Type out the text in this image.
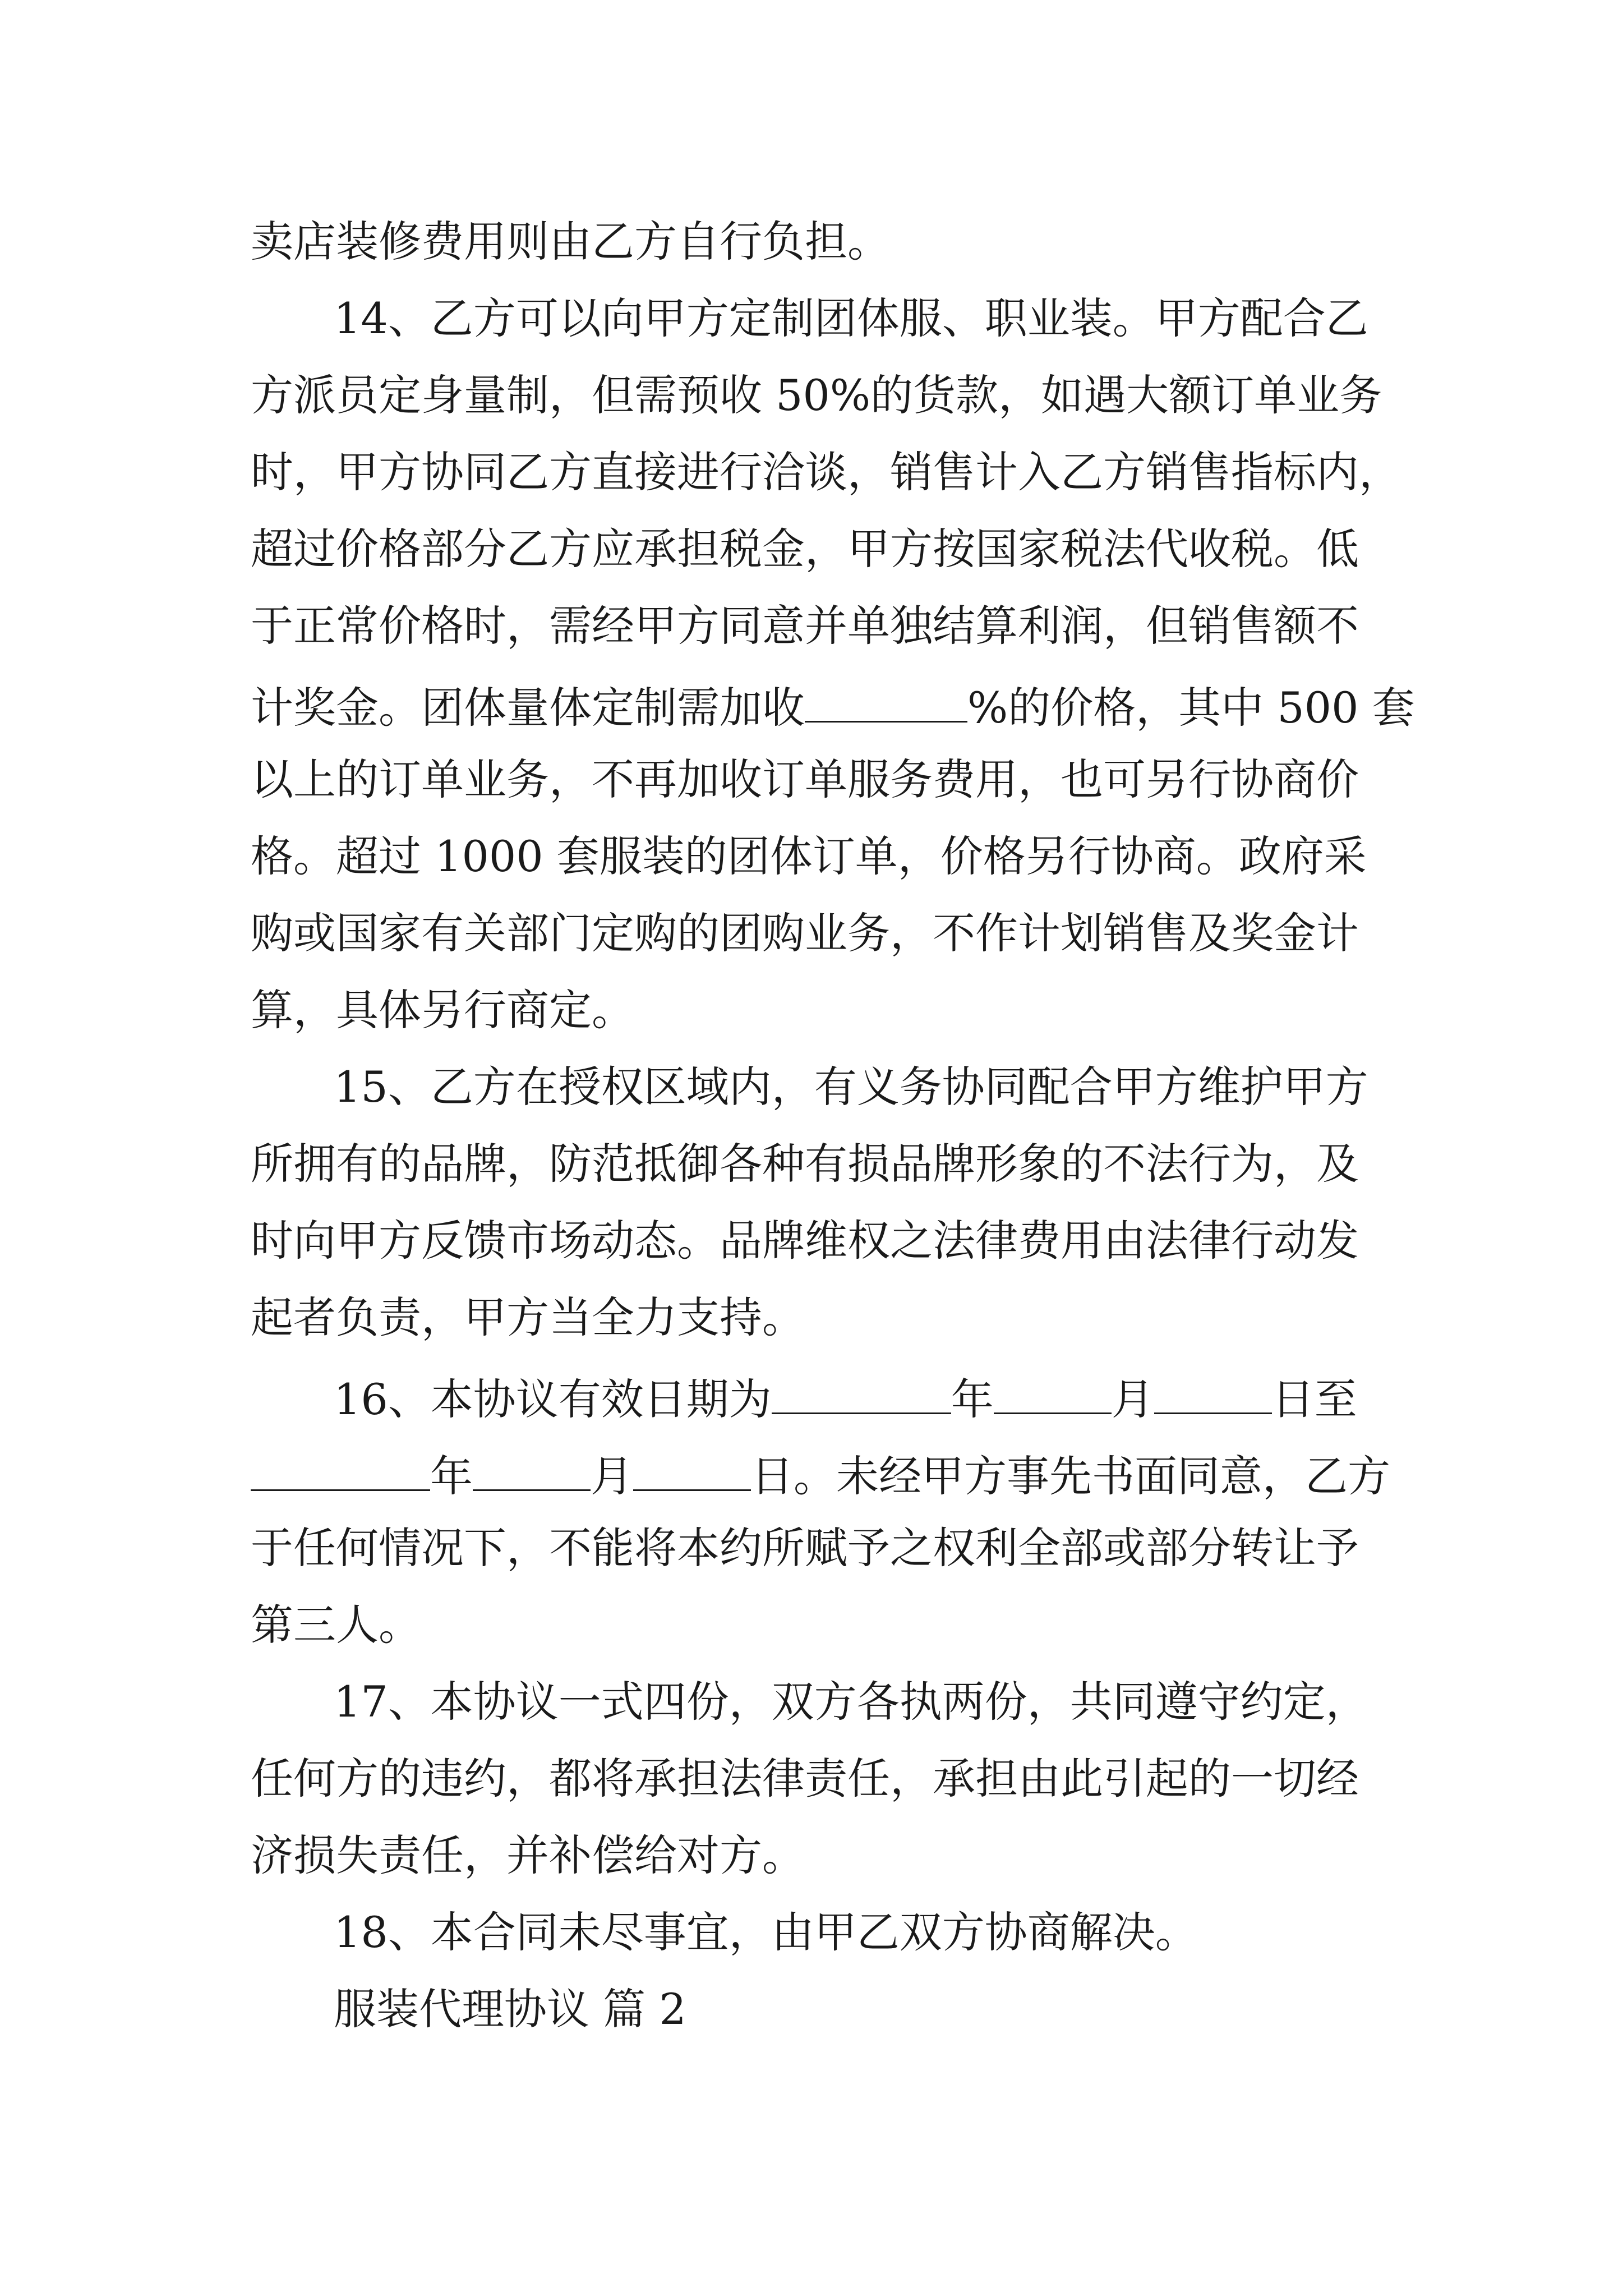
卖店装修费用则由乙方自行负担。
14、乙方可以向甲方定制团体服、职业装。甲方配合乙
方派员定身量制，但需预收 50%的货款，如遇大额订单业务
时，甲方协同乙方直接进行洽谈，销售计入乙方销售指标内，
超过价格部分乙方应承担税金，甲方按国家税法代收税。低
于正常价格时，需经甲方同意并单独结算利润，但销售额不
计奖金。团体量体定制需加收	%的价格，其中 500 套
以上的订单业务，不再加收订单服务费用，也可另行协商价
格。超过 1000 套服装的团体订单，价格另行协商。政府采
购或国家有关部门定购的团购业务，不作计划销售及奖金计
算，具体另行商定。
15、乙方在授权区域内，有义务协同配合甲方维护甲方
所拥有的品牌，防范抵御各种有损品牌形象的不法行为，及
时向甲方反馈市场动态。品牌维权之法律费用由法律行动发
起者负责，甲方当全力支持。
16、本协议有效日期为	年	月	日至
年	月	日。未经甲方事先书面同意，乙方
于任何情况下，不能将本约所赋予之权利全部或部分转让予
第三人。
17、本协议一式四份，双方各执两份，共同遵守约定，
任何方的违约，都将承担法律责任，承担由此引起的一切经
济损失责任，并补偿给对方。
18、本合同未尽事宜，由甲乙双方协商解决。
服装代理协议 篇 2
